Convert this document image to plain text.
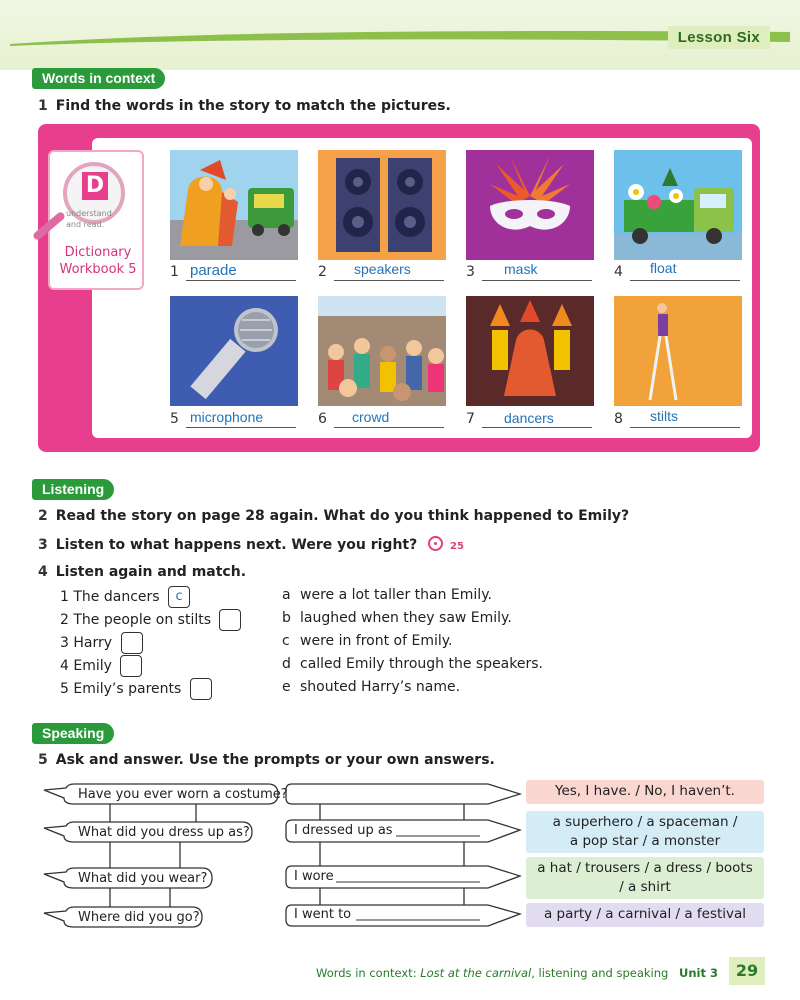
Lesson Six
Words in context
1 Find the words in the story to match the pictures.
D
understand
and read.
Dictionary
Workbook 5 1 parade	2 speakers	3 mask	4 float
5 microphone	6 crowd	7 dancers	8 stilts
Listening
2 Read the story on page 28 again. What do you think happened to Emily?
3 Listen to what happens next. Were you right?	25
4 Listen again and match.
1 The dancers c
2 The people on stilts
3 Harry
4 Emily
5 Emily’s parents
a were a lot taller than Emily.
b laughed when they saw Emily.
c were in front of Emily.
d called Emily through the speakers.
e shouted Harry’s name.
Speaking
5 Ask and answer. Use the prompts or your own answers.
Have you ever worn a costume?
What did you dress up as?
What did you wear?
Where did you go?
I dressed up as
I wore
I went to
Yes, I have. / No, I haven’t.
a superhero / a spaceman /
a pop star / a monster
a hat / trousers / a dress / boots
/ a shirt
a party / a carnival / a festival
Words in context: Lost at the carnival, listening and speaking Unit 3	29
